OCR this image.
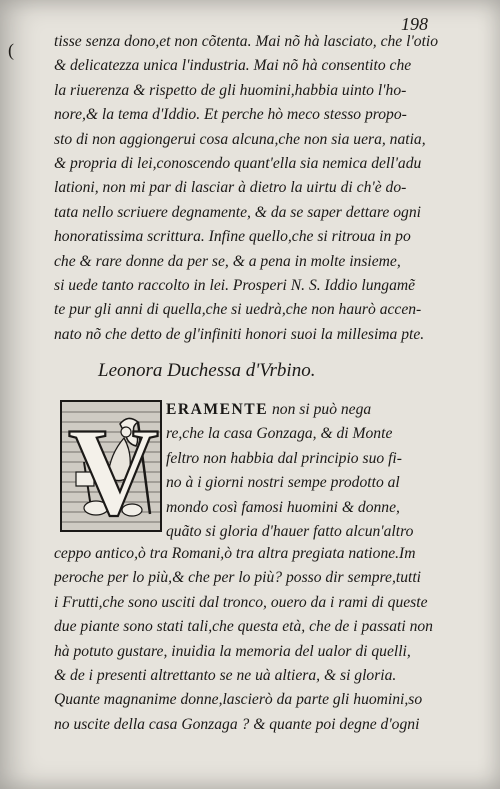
(
198
tisse senza dono,et non cõtenta. Mai nõ hà lasciato, che l'otio
& delicatezza unica l'industria. Mai nõ hà consentito che
la riuerenza & rispetto de gli huomini,habbia uinto l'ho-
nore,& la tema d'Iddio. Et perche hò meco stesso propo-
sto di non aggiongerui cosa alcuna,che non sia uera, natia,
& propria di lei,conoscendo quant'ella sia nemica dell'adu
lationi, non mi par di lasciar à dietro la uirtu di ch'è do-
tata nello scriuere degnamente, & da se saper dettare ogni
honoratissima scrittura. Infine quello,che si ritroua in po
che & rare donne da per se, & a pena in molte insieme,
si uede tanto raccolto in lei. Prosperi N. S. Iddio lungamẽ
te pur gli anni di quella,che si uedrà,che non haurò accen-
nato nõ che detto de gl'infiniti honori suoi la millesima pte.
Leonora Duchessa d'Vrbino.
V ERAMENTE non si può nega
re,che la casa Gonzaga, & di Monte
feltro non habbia dal principio suo fi-
no à i giorni nostri sempe prodotto al
mondo così famosi huomini & donne,
quãto si gloria d'hauer fatto alcun'altro
ceppo antico,ò tra Romani,ò tra altra pregiata natione.Im
peroche per lo più,& che per lo più? posso dir sempre,tutti
i Frutti,che sono usciti dal tronco, ouero da i rami di queste
due piante sono stati tali,che questa età, che de i passati non
hà potuto gustare, inuidia la memoria del ualor di quelli,
& de i presenti altrettanto se ne uà altiera, & si gloria.
Quante magnanime donne,lascierò da parte gli huomini,so
no uscite della casa Gonzaga ? & quante poi degne d'ogni
